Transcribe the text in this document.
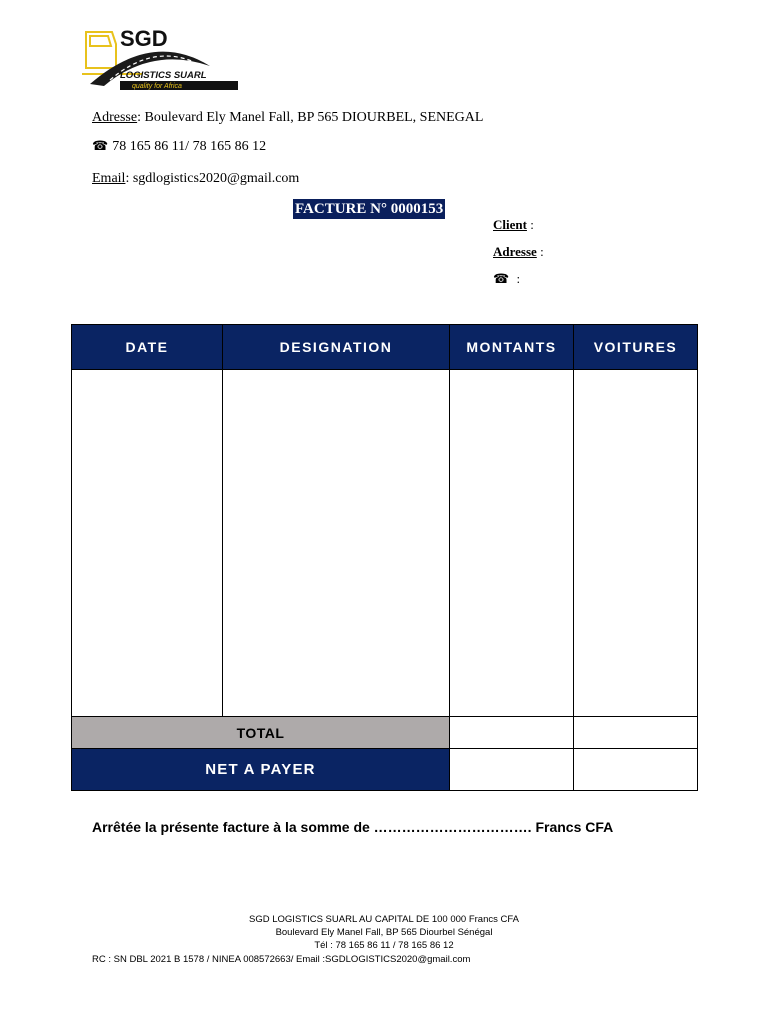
SGD
LOGISTICS SUARL
quality for Africa
Adresse: Boulevard Ely Manel Fall, BP 565 DIOURBEL, SENEGAL
☎ 78 165 86 11/ 78 165 86 12
Email: sgdlogistics2020@gmail.com
FACTURE N° 0000153
Client :
Adresse :
☎ :
DATE	DESIGNATION	MONTANTS	VOITURES

TOTAL			
NET A PAYER			
Arrêtée la présente facture à la somme de ……………………………. Francs CFA
SGD LOGISTICS SUARL AU CAPITAL DE 100 000 Francs CFA
Boulevard Ely Manel Fall, BP 565 Diourbel Sénégal
Tél : 78 165 86 11 / 78 165 86 12
RC : SN DBL 2021 B 1578 / NINEA 008572663/ Email :SGDLOGISTICS2020@gmail.com
